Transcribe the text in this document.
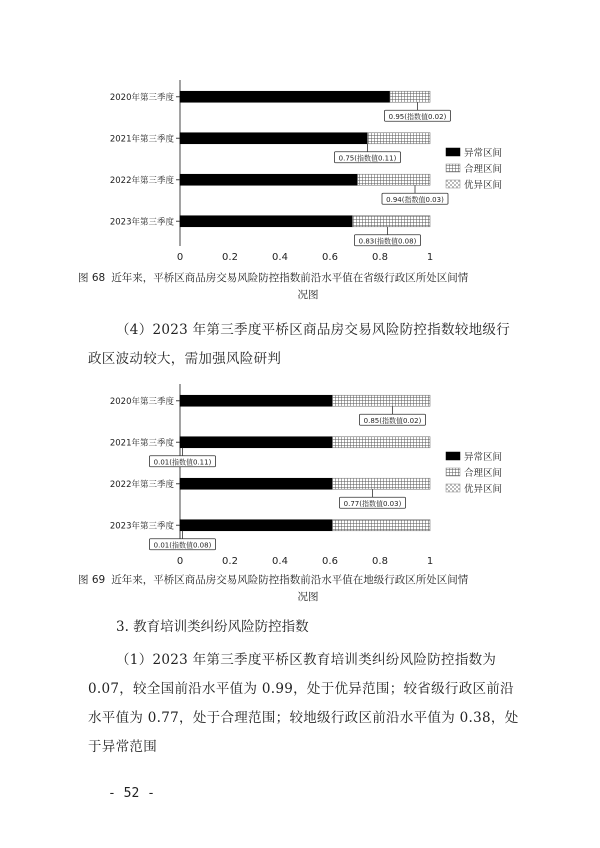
2020年第三季度
0.95(指数值0.02)
2021年第三季度
0.75(指数值0.11)
2022年第三季度
0.94(指数值0.03)
2023年第三季度
0.83(指数值0.08)
0	0.2	0.4	0.6	0.8	1
异常区间
合理区间
优异区间
图 68 近年来，平桥区商品房交易风险防控指数前沿水平值在省级行政区所处区间情
况图
（4）2023 年第三季度平桥区商品房交易风险防控指数较地级行
政区波动较大，需加强风险研判
2020年第三季度
0.85(指数值0.02)
2021年第三季度
0.01(指数值0.11)
2022年第三季度
0.77(指数值0.03)
2023年第三季度
0.01(指数值0.08)
0	0.2	0.4	0.6	0.8	1
异常区间
合理区间
优异区间
图 69 近年来，平桥区商品房交易风险防控指数前沿水平值在地级行政区所处区间情
况图
3. 教育培训类纠纷风险防控指数
（1）2023 年第三季度平桥区教育培训类纠纷风险防控指数为
0.07，较全国前沿水平值为 0.99，处于优异范围；较省级行政区前沿
水平值为 0.77，处于合理范围；较地级行政区前沿水平值为 0.38，处
于异常范围
- 52 -
